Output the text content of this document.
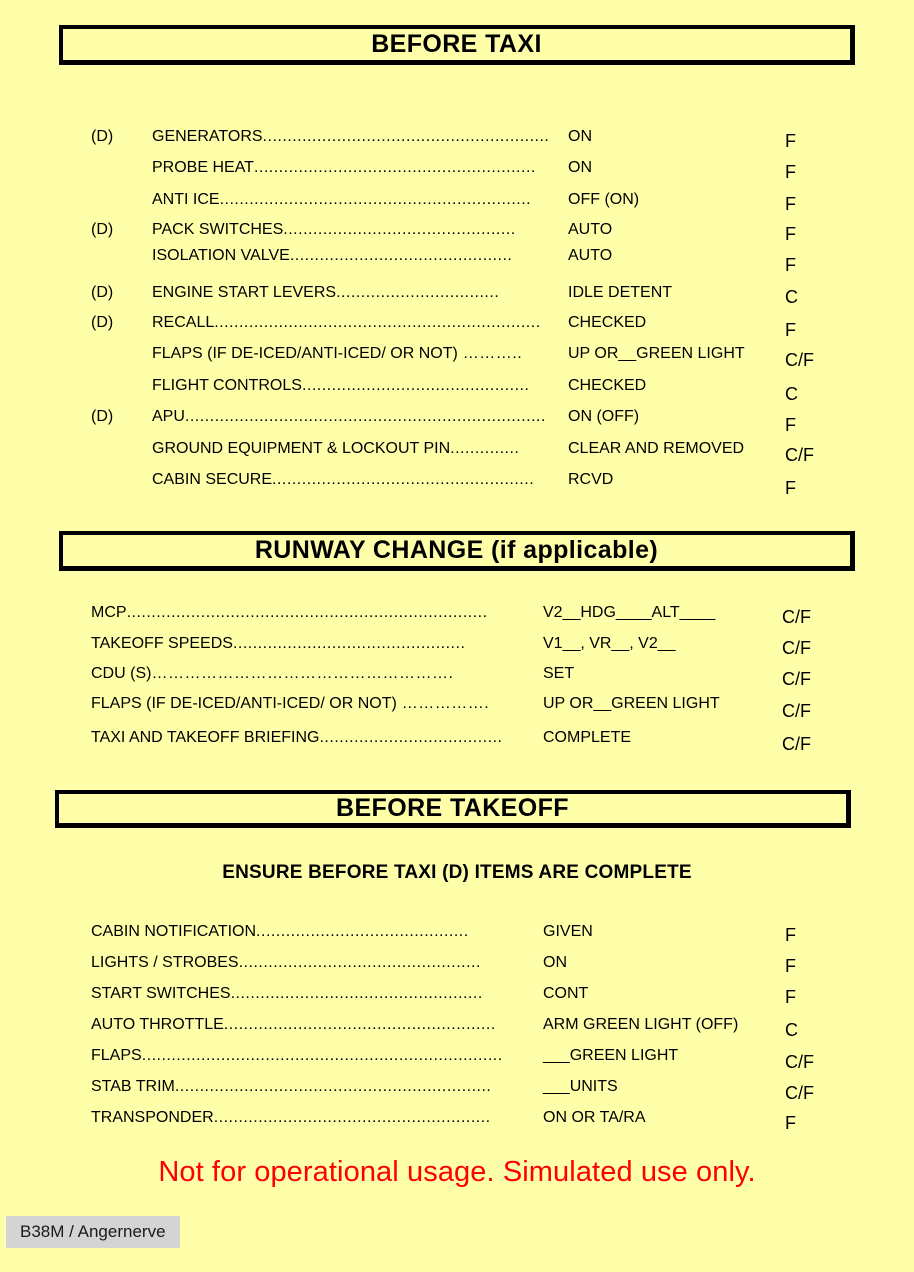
BEFORE TAXI
(D) GENERATORS.......................................................... ON	F
PROBE HEAT......................................................... ON	F
ANTI ICE............................................................... OFF (ON)	F
(D) PACK SWITCHES...............................................	AUTO	F
ISOLATION VALVE.............................................	AUTO	F
(D) ENGINE START LEVERS.................................	IDLE DETENT	C
(D) RECALL.................................................................. CHECKED	F
FLAPS (IF DE-ICED/ANTI-ICED/ OR NOT) ………..	UP OR__GREEN LIGHT C/F
FLIGHT CONTROLS.............................................. CHECKED	C
(D) APU......................................................................... ON (OFF)	F
GROUND EQUIPMENT & LOCKOUT PIN..............	CLEAR AND REMOVED C/F
CABIN SECURE..................................................... RCVD	F
RUNWAY CHANGE (if applicable)
MCP.........................................................................	V2__HDG____ALT____	C/F
TAKEOFF SPEEDS...............................................	V1__, VR__, V2__	C/F
CDU (S)……………………………………………….	SET	C/F
FLAPS (IF DE-ICED/ANTI-ICED/ OR NOT) …………….	UP OR__GREEN LIGHT	C/F
TAXI AND TAKEOFF BRIEFING.....................................	COMPLETE	C/F
BEFORE TAKEOFF
ENSURE BEFORE TAXI (D) ITEMS ARE COMPLETE
CABIN NOTIFICATION...........................................	GIVEN	F
LIGHTS / STROBES.................................................	ON	F
START SWITCHES...................................................	CONT	F
AUTO THROTTLE.......................................................	ARM GREEN LIGHT (OFF)	C
FLAPS.........................................................................	___GREEN LIGHT	C/F
STAB TRIM................................................................	___UNITS	C/F
TRANSPONDER........................................................	ON OR TA/RA	F
Not for operational usage. Simulated use only.
B38M / Angernerve
